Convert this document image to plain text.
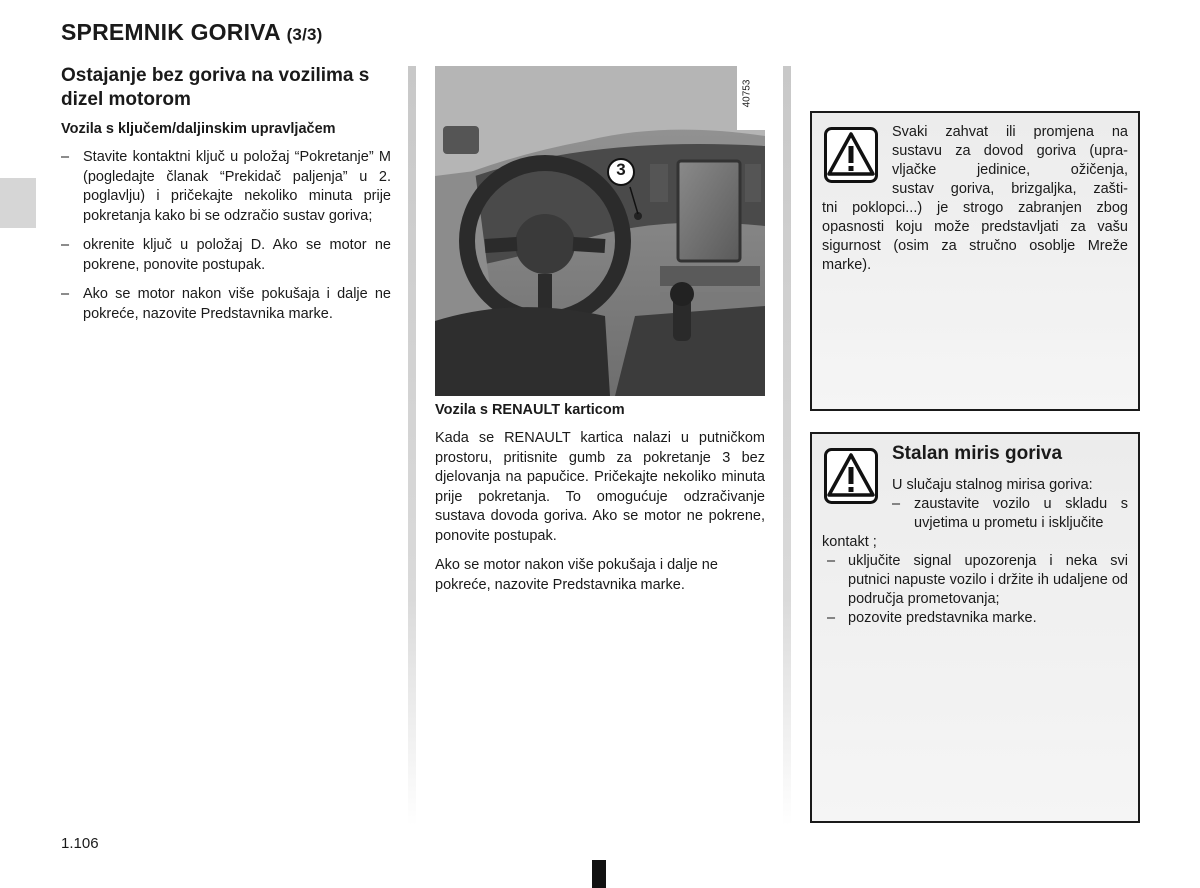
SPREMNIK GORIVA (3/3)
Ostajanje bez goriva na vozilima s dizel motorom
Vozila s ključem/daljinskim upravljačem
– Stavite kontaktni ključ u položaj “Pokretanje” M (pogledajte članak “Prekidač paljenja” u 2. poglavlju) i pričekajte nekoliko minuta prije pokretanja kako bi se odzračio sustav goriva;
– okrenite ključ u položaj D. Ako se motor ne pokrene, ponovite postupak.
– Ako se motor nakon više pokušaja i dalje ne pokreće, nazovite Predstavnika marke.
3
40753
Vozila s RENAULT karticom

Kada se RENAULT kartica nalazi u putničkom prostoru, pritisnite gumb za pokretanje 3 bez djelovanja na papučice. Pričekajte nekoliko minuta prije pokretanja. To omogućuje odzračivanje sustava dovoda goriva. Ako se motor ne pokrene, ponovite postupak.

Ako se motor nakon više pokušaja i dalje ne pokreće, nazovite Predstavnika marke.

Svaki zahvat ili promjena na
sustavu za dovod goriva (upra-
vljačke jedinice, ožičenja,
sustav goriva, brizgaljka, zašti-
tni poklopci...) je strogo zabranjen zbog opasnosti koju može predstavljati za vašu sigurnost (osim za stručno osoblje Mreže marke).

Stalan miris goriva
U slučaju stalnog mirisa goriva:
– zaustavite vozilo u skladu s uvjetima u prometu i isključite
kontakt ;
– uključite signal upozorenja i neka svi putnici napuste vozilo i držite ih udaljene od područja prometovanja;
– pozovite predstavnika marke.
1.106
